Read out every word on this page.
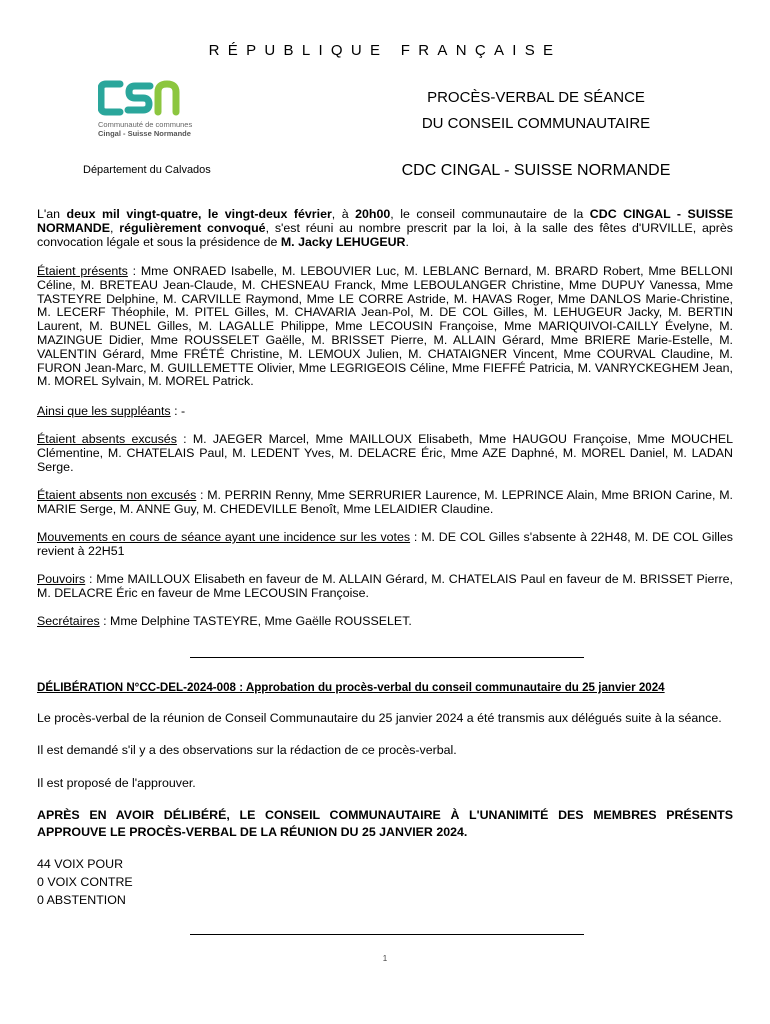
RÉPUBLIQUE FRANÇAISE
Communauté de communes
Cingal - Suisse Normande
Département du Calvados
PROCÈS-VERBAL DE SÉANCE
DU CONSEIL COMMUNAUTAIRE
CDC CINGAL - SUISSE NORMANDE
L'an deux mil vingt-quatre, le vingt-deux février, à 20h00, le conseil communautaire de la CDC CINGAL - SUISSE NORMANDE, régulièrement convoqué, s'est réuni au nombre prescrit par la loi, à la salle des fêtes d'URVILLE, après convocation légale et sous la présidence de M. Jacky LEHUGEUR.
Étaient présents : Mme ONRAED Isabelle, M. LEBOUVIER Luc, M. LEBLANC Bernard, M. BRARD Robert, Mme BELLONI Céline, M. BRETEAU Jean-Claude, M. CHESNEAU Franck, Mme LEBOULANGER Christine, Mme DUPUY Vanessa, Mme TASTEYRE Delphine, M. CARVILLE Raymond, Mme LE CORRE Astride, M. HAVAS Roger, Mme DANLOS Marie-Christine, M. LECERF Théophile, M. PITEL Gilles, M. CHAVARIA Jean-Pol, M. DE COL Gilles, M. LEHUGEUR Jacky, M. BERTIN Laurent, M. BUNEL Gilles, M. LAGALLE Philippe, Mme LECOUSIN Françoise, Mme MARIQUIVOI-CAILLY Évelyne, M. MAZINGUE Didier, Mme ROUSSELET Gaëlle, M. BRISSET Pierre, M. ALLAIN Gérard, Mme BRIERE Marie-Estelle, M. VALENTIN Gérard, Mme FRÉTÉ Christine, M. LEMOUX Julien, M. CHATAIGNER Vincent, Mme COURVAL Claudine, M. FURON Jean-Marc, M. GUILLEMETTE Olivier, Mme LEGRIGEOIS Céline, Mme FIEFFÉ Patricia, M. VANRYCKEGHEM Jean, M. MOREL Sylvain, M. MOREL Patrick.
Ainsi que les suppléants : -
Étaient absents excusés : M. JAEGER Marcel, Mme MAILLOUX Elisabeth, Mme HAUGOU Françoise, Mme MOUCHEL Clémentine, M. CHATELAIS Paul, M. LEDENT Yves, M. DELACRE Éric, Mme AZE Daphné, M. MOREL Daniel, M. LADAN Serge.
Étaient absents non excusés : M. PERRIN Renny, Mme SERRURIER Laurence, M. LEPRINCE Alain, Mme BRION Carine, M. MARIE Serge, M. ANNE Guy, M. CHEDEVILLE Benoît, Mme LELAIDIER Claudine.
Mouvements en cours de séance ayant une incidence sur les votes : M. DE COL Gilles s'absente à 22H48, M. DE COL Gilles revient à 22H51
Pouvoirs : Mme MAILLOUX Elisabeth en faveur de M. ALLAIN Gérard, M. CHATELAIS Paul en faveur de M. BRISSET Pierre, M. DELACRE Éric en faveur de Mme LECOUSIN Françoise.
Secrétaires : Mme Delphine TASTEYRE, Mme Gaëlle ROUSSELET.
DÉLIBÉRATION N°CC-DEL-2024-008 : Approbation du procès-verbal du conseil communautaire du 25 janvier 2024
Le procès-verbal de la réunion de Conseil Communautaire du 25 janvier 2024 a été transmis aux délégués suite à la séance.
Il est demandé s'il y a des observations sur la rédaction de ce procès-verbal.
Il est proposé de l'approuver.
APRÈS EN AVOIR DÉLIBÉRÉ, LE CONSEIL COMMUNAUTAIRE À L'UNANIMITÉ DES MEMBRES PRÉSENTS APPROUVE LE PROCÈS-VERBAL DE LA RÉUNION DU 25 JANVIER 2024.
44 VOIX POUR
0 VOIX CONTRE
0 ABSTENTION
1
